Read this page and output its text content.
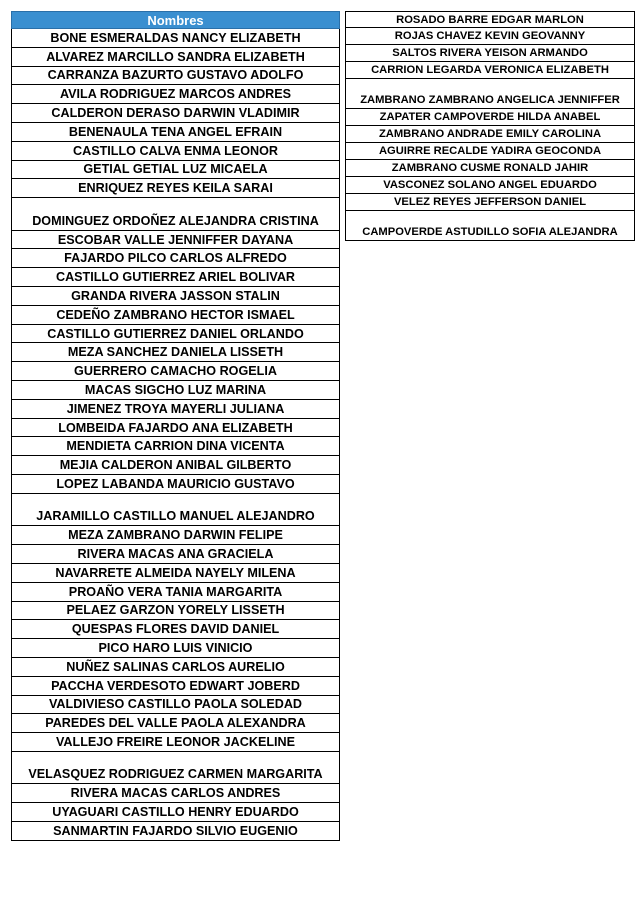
Nombres
BONE ESMERALDAS NANCY ELIZABETH
ALVAREZ MARCILLO SANDRA ELIZABETH
CARRANZA BAZURTO GUSTAVO ADOLFO
AVILA RODRIGUEZ MARCOS ANDRES
CALDERON DERASO DARWIN VLADIMIR
BENENAULA TENA ANGEL EFRAIN
CASTILLO CALVA ENMA LEONOR
GETIAL GETIAL LUZ MICAELA
ENRIQUEZ REYES KEILA SARAI
DOMINGUEZ ORDOÑEZ ALEJANDRA CRISTINA
ESCOBAR VALLE JENNIFFER DAYANA
FAJARDO PILCO CARLOS ALFREDO
CASTILLO GUTIERREZ ARIEL BOLIVAR
GRANDA RIVERA JASSON STALIN
CEDEÑO ZAMBRANO HECTOR ISMAEL
CASTILLO GUTIERREZ DANIEL ORLANDO
MEZA SANCHEZ DANIELA LISSETH
GUERRERO CAMACHO ROGELIA
MACAS SIGCHO LUZ MARINA
JIMENEZ TROYA MAYERLI JULIANA
LOMBEIDA FAJARDO ANA ELIZABETH
MENDIETA CARRION DINA VICENTA
MEJIA CALDERON ANIBAL GILBERTO
LOPEZ LABANDA MAURICIO GUSTAVO
JARAMILLO CASTILLO MANUEL ALEJANDRO
MEZA ZAMBRANO DARWIN FELIPE
RIVERA MACAS ANA GRACIELA
NAVARRETE ALMEIDA NAYELY MILENA
PROAÑO VERA TANIA MARGARITA
PELAEZ GARZON YORELY LISSETH
QUESPAS FLORES DAVID DANIEL
PICO HARO LUIS VINICIO
NUÑEZ SALINAS CARLOS AURELIO
PACCHA VERDESOTO EDWART JOBERD
VALDIVIESO CASTILLO PAOLA SOLEDAD
PAREDES DEL VALLE PAOLA ALEXANDRA
VALLEJO FREIRE LEONOR JACKELINE
VELASQUEZ RODRIGUEZ CARMEN MARGARITA
RIVERA MACAS CARLOS ANDRES
UYAGUARI CASTILLO HENRY EDUARDO
SANMARTIN FAJARDO SILVIO EUGENIO
ROSADO BARRE EDGAR MARLON
ROJAS CHAVEZ KEVIN GEOVANNY
SALTOS RIVERA YEISON ARMANDO
CARRION LEGARDA VERONICA ELIZABETH
ZAMBRANO ZAMBRANO ANGELICA JENNIFFER
ZAPATER CAMPOVERDE HILDA ANABEL
ZAMBRANO ANDRADE EMILY CAROLINA
AGUIRRE RECALDE YADIRA GEOCONDA
ZAMBRANO CUSME RONALD JAHIR
VASCONEZ SOLANO ANGEL EDUARDO
VELEZ REYES JEFFERSON DANIEL
CAMPOVERDE ASTUDILLO SOFIA ALEJANDRA
